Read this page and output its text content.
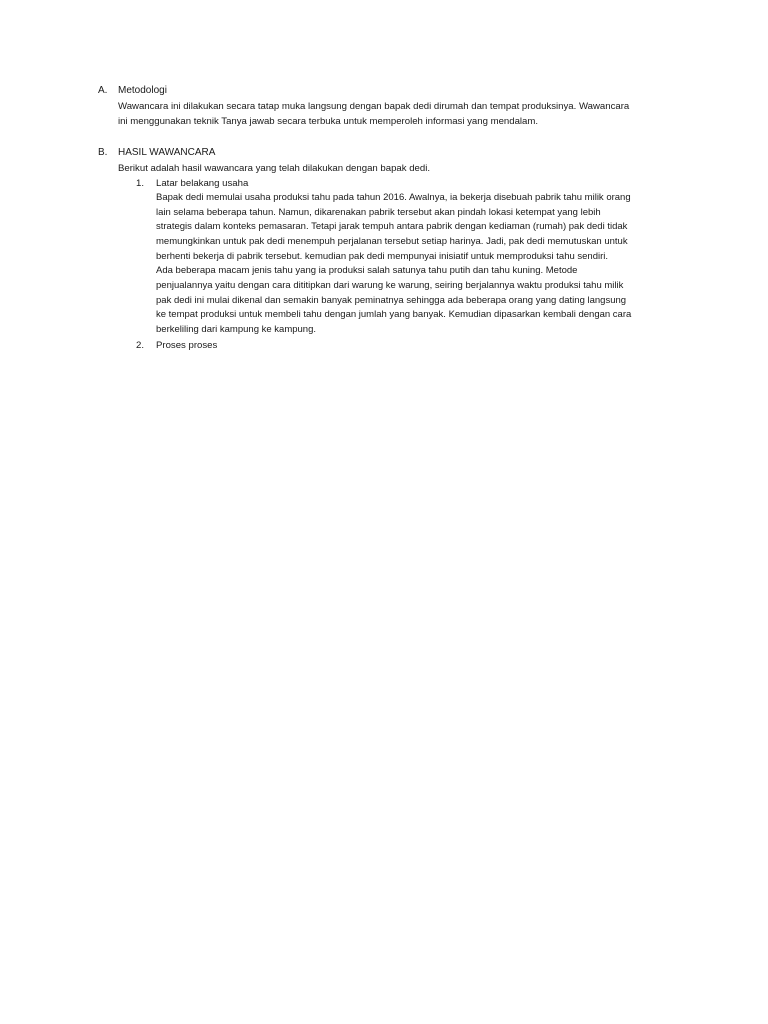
A.	Metodologi
Wawancara ini dilakukan secara tatap muka langsung dengan bapak dedi dirumah dan tempat produksinya. Wawancara
ini menggunakan teknik Tanya jawab secara terbuka untuk memperoleh informasi yang mendalam.
B.	HASIL WAWANCARA
Berikut adalah hasil wawancara yang telah dilakukan dengan bapak dedi.
1.	Latar belakang usaha
Bapak dedi memulai usaha produksi tahu pada tahun 2016. Awalnya, ia bekerja disebuah pabrik tahu milik orang
lain selama beberapa tahun. Namun, dikarenakan pabrik tersebut akan pindah lokasi ketempat yang lebih
strategis dalam konteks pemasaran. Tetapi jarak tempuh antara pabrik dengan kediaman (rumah) pak dedi tidak
memungkinkan untuk pak dedi menempuh perjalanan tersebut setiap harinya. Jadi, pak dedi memutuskan untuk
berhenti bekerja di pabrik tersebut. kemudian pak dedi mempunyai inisiatif untuk memproduksi tahu sendiri.
Ada beberapa macam jenis tahu yang ia produksi salah satunya tahu putih dan tahu kuning. Metode
penjualannya yaitu dengan cara dititipkan dari warung ke warung, seiring berjalannya waktu produksi tahu milik
pak dedi ini mulai dikenal dan semakin banyak peminatnya sehingga ada beberapa orang yang dating langsung
ke tempat produksi untuk membeli tahu dengan jumlah yang banyak. Kemudian dipasarkan kembali dengan cara
berkeliling dari kampung ke kampung.
2.	Proses proses
